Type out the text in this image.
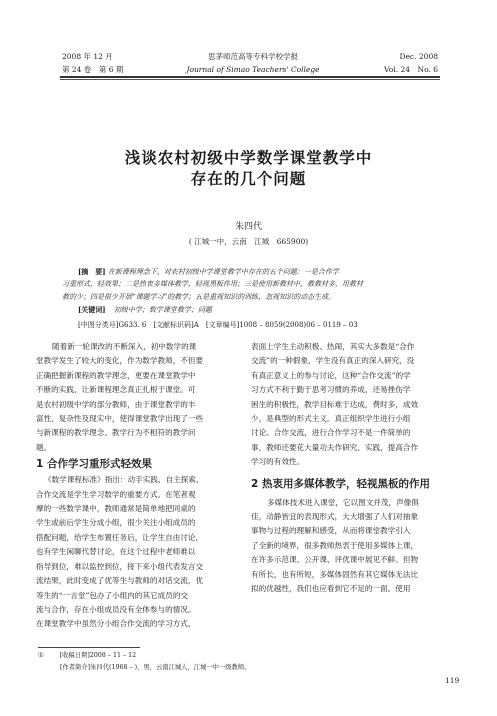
2008 年 12 月
第 24 卷　第 6 期
思茅师范高等专科学校学报
Journal of Simao Teachers' College
Dec. 2008
Vol. 24　No. 6
浅谈农村初级中学数学课堂教学中
存在的几个问题
朱四代
( 江城一中，云南　江城　665900)
[摘　要] 在新课程理念下，对农村初级中学课堂教学中存在的五个问题：一是合作学
习重形式，轻效果；二是热衷多媒体教学，轻视黑板作用；三是使用新教材中，教教材多，用教材
教的少；四是很少开展“课题学习”的教学；五是重视知识的训练，忽视知识的动态生成。
[关键词] 初级中学；数学课堂教学；问题
[中图分类号]G633. 6　[文献标识码]A　[文章编号]1008 – 8059(2008)06 – 0119 – 03

随着新一轮课改的不断深入，初中数学的课

堂教学发生了较大的变化，作为数学教师，不但要

正确把握新课程的教学理念，更要在课堂教学中

不断的实践，让新课程理念真正扎根于课堂。可

是农村初级中学的部分教师，由于课堂教学的丰

富性、复杂性及现实中，使得课堂教学出现了一些

与新课程的教学理念、教学行为不相符的教学问

题。

1 合作学习重形式轻效果

《数学课程标准》指出：动手实践、自主探索、

合作交流是学生学习数学的重要方式。在笔者观

摩的一些数学课中，教师通常是简单地把同桌的

学生或前后学生分成小组，很少关注小组成员的

搭配问题，给学生布置任务后，让学生自由讨论，

也有学生闲聊代替讨论，在这个过程中老师难以

指导到位，难以监控到位，接下来小组代表发言交

流结果，此时变成了优等生与教师的对话交流，优

等生的“一言堂”包办了小组内的其它成员的交

流与合作，存在小组成员没有全体参与的情况。

在课堂教学中虽然分小组合作交流的学习方式，

表面上学生主动积极、热闹，其实大多数是“合作

交流”的一种假象，学生没有真正的深入研究，没

有真正意义上的参与讨论，这种“合作交流”的学

习方式不利于勤于思考习惯的养成，还易挫伤学

困生的积极性，教学目标难于达成，费时多，成效

少，是典型的形式主义。真正组织学生进行小组

讨论、合作交流，进行合作学习不是一件简单的

事，教师还要花大量功夫作研究、实践，提高合作

学习的有效性。

2 热衷用多媒体教学，轻视黑板的作用

多媒体技术进入课堂，它以图文并茂，声像俱

佳，动静皆宜的表现形式，大大增强了人们对抽象

事物与过程的理解和感受，从而将课堂教学引入

了全新的境界，很多教师热衷于使用多媒体上课，

在许多示范课、公开课、评优课中展见不鲜。但物

有所长，也有所短，多媒体固然有其它媒体无法比

拟的优越性，我们也应看到它不足的一面。使用

①	[收稿日期]2008 – 11 – 12
[作者简介]朱四代(1968 – )，男，云南江城人，江城一中一级教师。
119
